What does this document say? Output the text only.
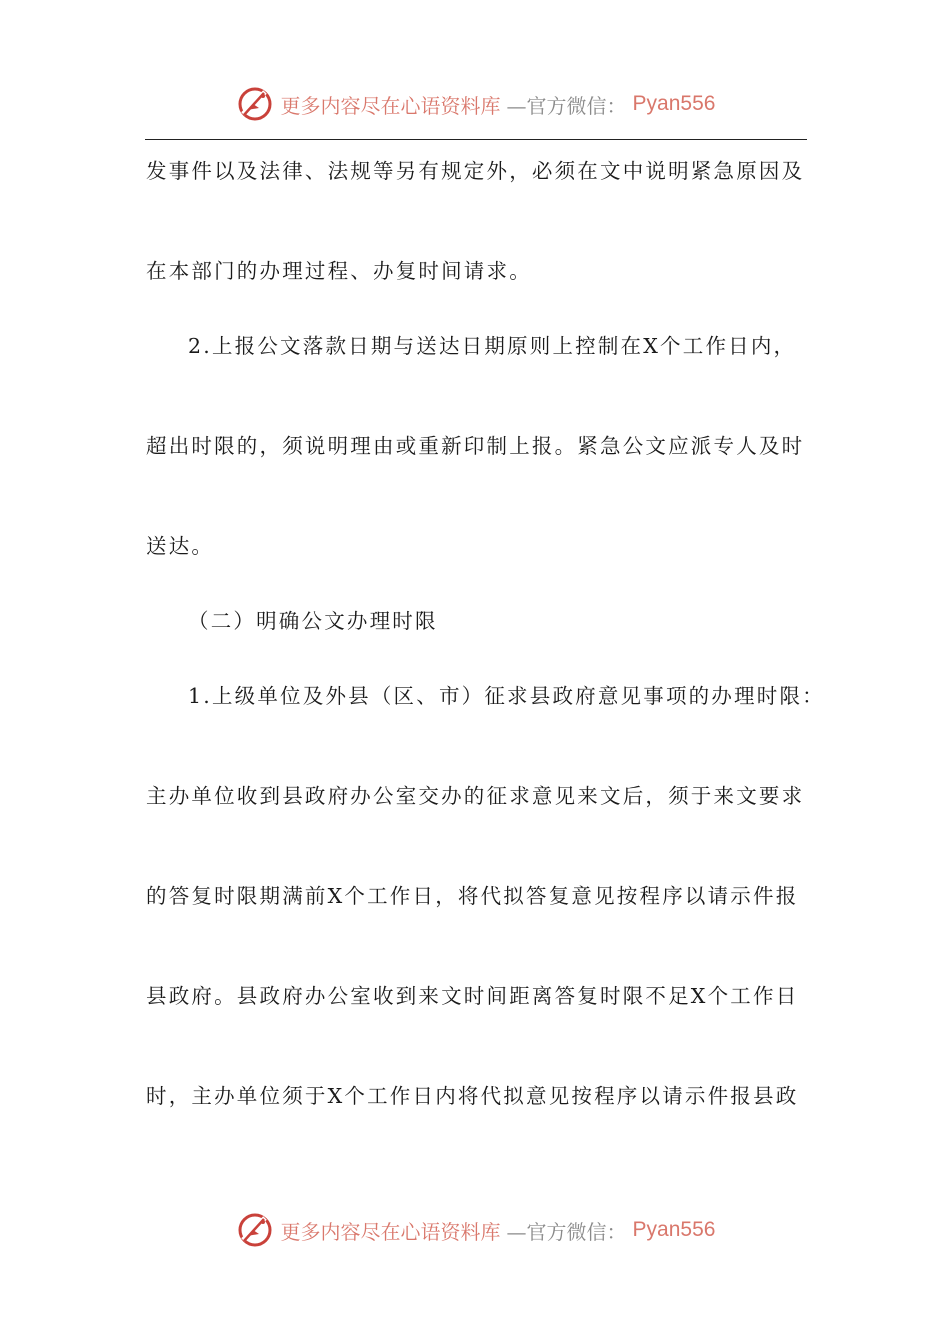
更多内容尽在心语资料库 —官方微信： Pyan556
发事件以及法律、法规等另有规定外，必须在文中说明紧急原因及
在本部门的办理过程、办复时间请求。
2.上报公文落款日期与送达日期原则上控制在X个工作日内，
超出时限的，须说明理由或重新印制上报。紧急公文应派专人及时
送达。
（二）明确公文办理时限
1.上级单位及外县（区、市）征求县政府意见事项的办理时限：
主办单位收到县政府办公室交办的征求意见来文后，须于来文要求
的答复时限期满前X个工作日，将代拟答复意见按程序以请示件报
县政府。县政府办公室收到来文时间距离答复时限不足X个工作日
时，主办单位须于X个工作日内将代拟意见按程序以请示件报县政
更多内容尽在心语资料库 —官方微信： Pyan556
